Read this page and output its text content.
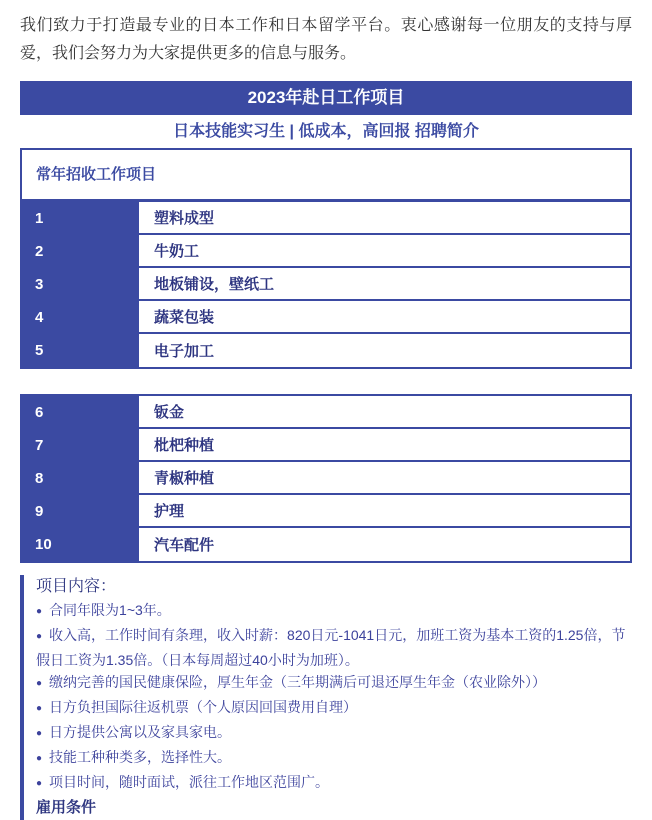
我们致力于打造最专业的日本工作和日本留学平台。衷心感谢每一位朋友的支持与厚爱，我们会努力为大家提供更多的信息与服务。

2023年赴日工作项目
日本技能实习生 | 低成本，高回报 招聘简介
常年招收工作项目
1	塑料成型
2	牛奶工
3	地板铺设，壁纸工
4	蔬菜包装
5	电子加工
6	钣金
7	枇杷种植
8	青椒种植
9	护理
10	汽车配件
项目内容：
● 合同年限为1~3年。
● 收入高，工作时间有条理，收入时薪：820日元-1041日元，加班工资为基本工资的1.25倍，节假日工资为1.35倍。（日本每周超过40小时为加班）。
● 缴纳完善的国民健康保险，厚生年金（三年期满后可退还厚生年金（农业除外））
● 日方负担国际往返机票（个人原因回国费用自理）
● 日方提供公寓以及家具家电。
● 技能工种种类多，选择性大。
● 项目时间，随时面试，派往工作地区范围广。
雇用条件
